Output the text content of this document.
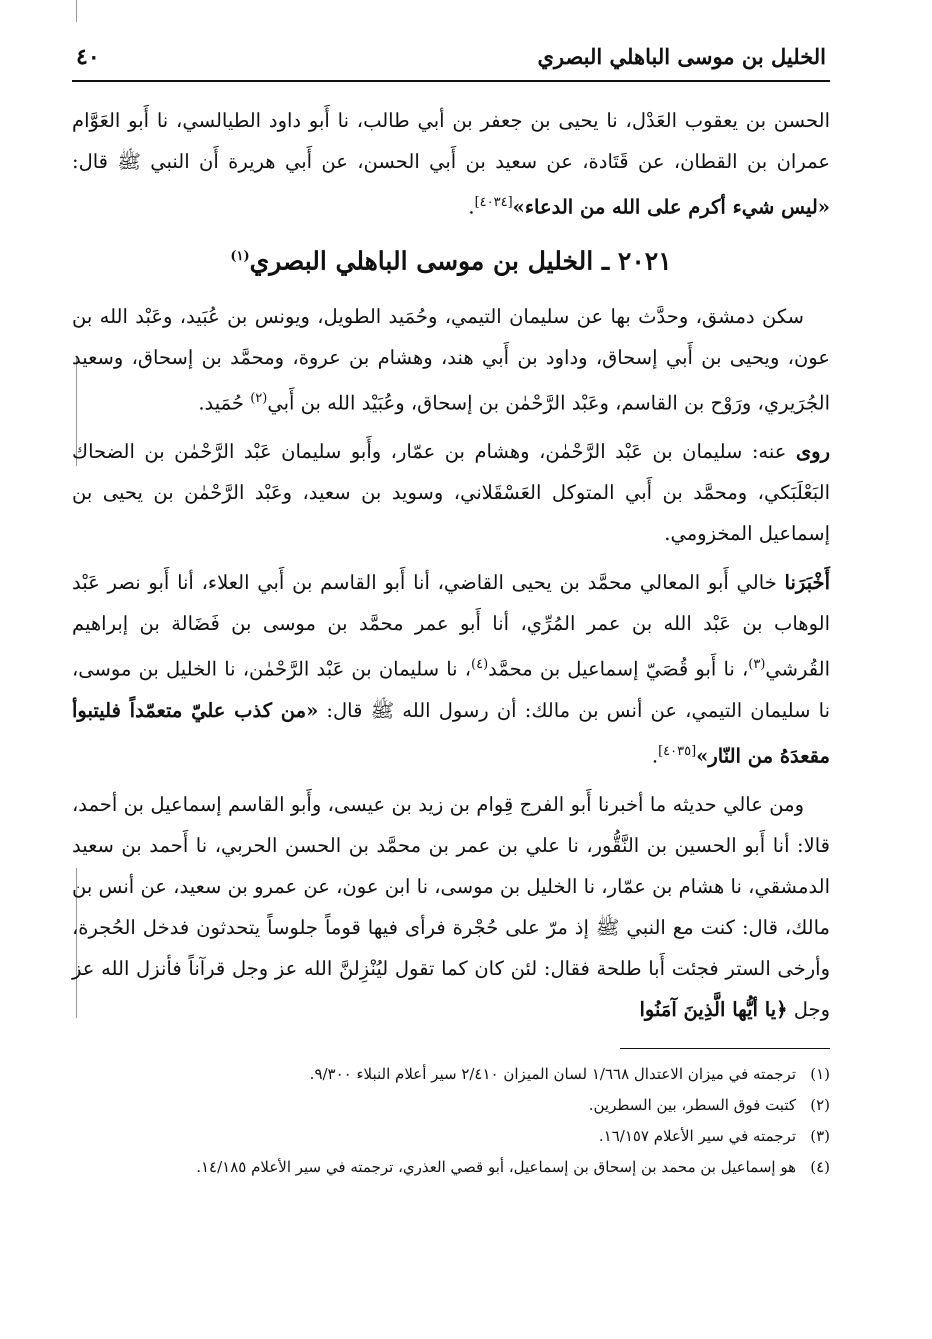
الخليل بن موسى الباهلي البصري
٤٠

الحسن بن يعقوب العَدْل، نا يحيى بن جعفر بن أبي طالب، نا أَبو داود الطيالسي، نا أَبو العَوَّام عمران بن القطان، عن قَتَادة، عن سعيد بن أَبي الحسن، عن أَبي هريرة أَن النبي ﷺ قال: «ليس شيء أكرم على الله من الدعاء»[٤٠٣٤].

٢٠٢١ ـ الخليل بن موسى الباهلي البصري$^{(١)}$

سكن دمشق، وحدَّث بها عن سليمان التيمي، وحُمَيد الطويل، ويونس بن عُبَيد، وعَبْد الله بن عون، ويحيى بن أَبي إسحاق، وداود بن أَبي هند، وهشام بن عروة، ومحمَّد بن إسحاق، وسعيد الجُرَيري، ورَوْح بن القاسم، وعَبْد الرَّحْمٰن بن إسحاق، وعُبَيْد الله بن أَبي$^{(٢)}$ حُمَيد.

روى عنه: سليمان بن عَبْد الرَّحْمٰن، وهشام بن عمّار، وأَبو سليمان عَبْد الرَّحْمٰن بن الضحاك البَعْلَبَكي، ومحمَّد بن أَبي المتوكل العَسْقَلاني، وسويد بن سعيد، وعَبْد الرَّحْمٰن بن يحيى بن إسماعيل المخزومي.

أَخْبَرَنا خالي أَبو المعالي محمَّد بن يحيى القاضي، أنا أَبو القاسم بن أَبي العلاء، أنا أَبو نصر عَبْد الوهاب بن عَبْد الله بن عمر المُرِّي، أنا أَبو عمر محمَّد بن موسى بن فَضَالة بن إبراهيم القُرشي$^{(٣)}$، نا أَبو قُصَيّ إسماعيل بن محمَّد$^{(٤)}$، نا سليمان بن عَبْد الرَّحْمٰن، نا الخليل بن موسى، نا سليمان التيمي، عن أنس بن مالك: أن رسول الله ﷺ قال: «من كذب عليّ متعمّداً فليتبوأ مقعدَهُ من النّار»[٤٠٣٥].

ومن عالي حديثه ما أخبرنا أَبو الفرج قِوام بن زيد بن عيسى، وأَبو القاسم إسماعيل بن أحمد، قالا: أنا أَبو الحسين بن النَّقُّور، نا علي بن عمر بن محمَّد بن الحسن الحربي، نا أَحمد بن سعيد الدمشقي، نا هشام بن عمّار، نا الخليل بن موسى، نا ابن عون، عن عمرو بن سعيد، عن أنس بن مالك، قال: كنت مع النبي ﷺ إذ مرّ على حُجْرة فرأى فيها قوماً جلوساً يتحدثون فدخل الحُجرة، وأرخى الستر فجئت أَبا طلحة فقال: لئن كان كما تقول ليُنْزِلنَّ الله عز وجل قرآناً فأنزل الله عز وجل ﴿يا أيُّها الَّذِينَ آمَنُوا

(١)ترجمته في ميزان الاعتدال ١/٦٦٨ لسان الميزان ٢/٤١٠ سير أعلام النبلاء ٩/٣٠٠.

(٢)كتبت فوق السطر، بين السطرين.

(٣)ترجمته في سير الأعلام ١٦/١٥٧.

(٤)هو إسماعيل بن محمد بن إسحاق بن إسماعيل، أبو قصي العذري، ترجمته في سير الأعلام ١٤/١٨٥.
